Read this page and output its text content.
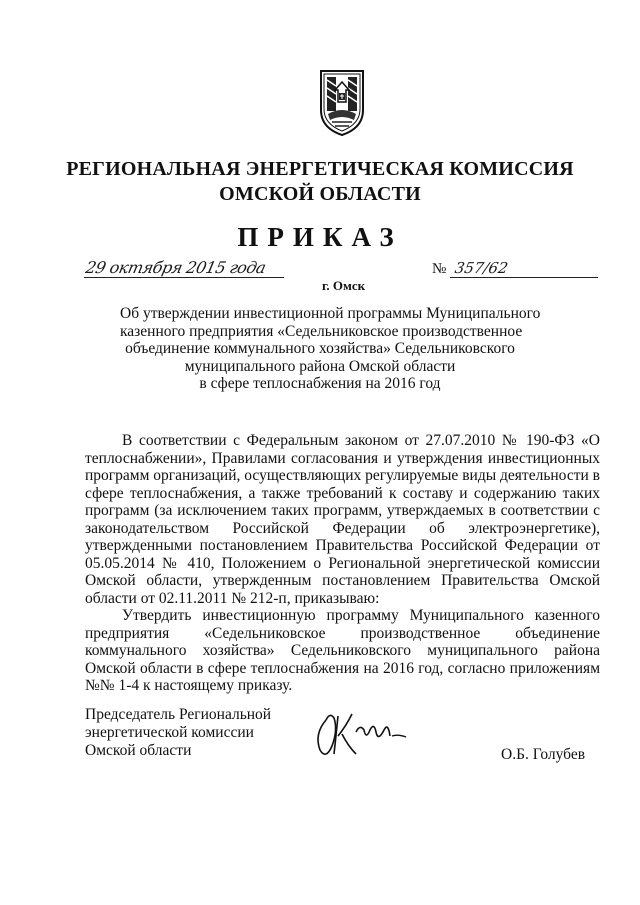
РЕГИОНАЛЬНАЯ ЭНЕРГЕТИЧЕСКАЯ КОМИССИЯ
ОМСКОЙ ОБЛАСТИ
ПРИКАЗ
29 октября 2015 года
г. Омск
№ 357/62
Об утверждении инвестиционной программы Муниципального
казенного предприятия «Седельниковское производственное
объединение коммунального хозяйства» Седельниковского
муниципального района Омской области
в сфере теплоснабжения на 2016 год

В соответствии с Федеральным законом от 27.07.2010 № 190-ФЗ «О теплоснабжении», Правилами согласования и утверждения инвестиционных программ организаций, осуществляющих регулируемые виды деятельности в сфере теплоснабжения, а также требований к составу и содержанию таких программ (за исключением таких программ, утверждаемых в соответствии с законодательством Российской Федерации об электроэнергетике), утвержденными постановлением Правительства Российской Федерации от 05.05.2014 № 410, Положением о Региональной энергетической комиссии Омской области, утвержденным постановлением Правительства Омской области от 02.11.2011 № 212-п, приказываю:

Утвердить инвестиционную программу Муниципального казенного предприятия «Седельниковское производственное объединение коммунального хозяйства» Седельниковского муниципального района Омской области в сфере теплоснабжения на 2016 год, согласно приложениям №№ 1-4 к настоящему приказу.

Председатель Региональной
энергетической комиссии
Омской области	О.Б. Голубев
